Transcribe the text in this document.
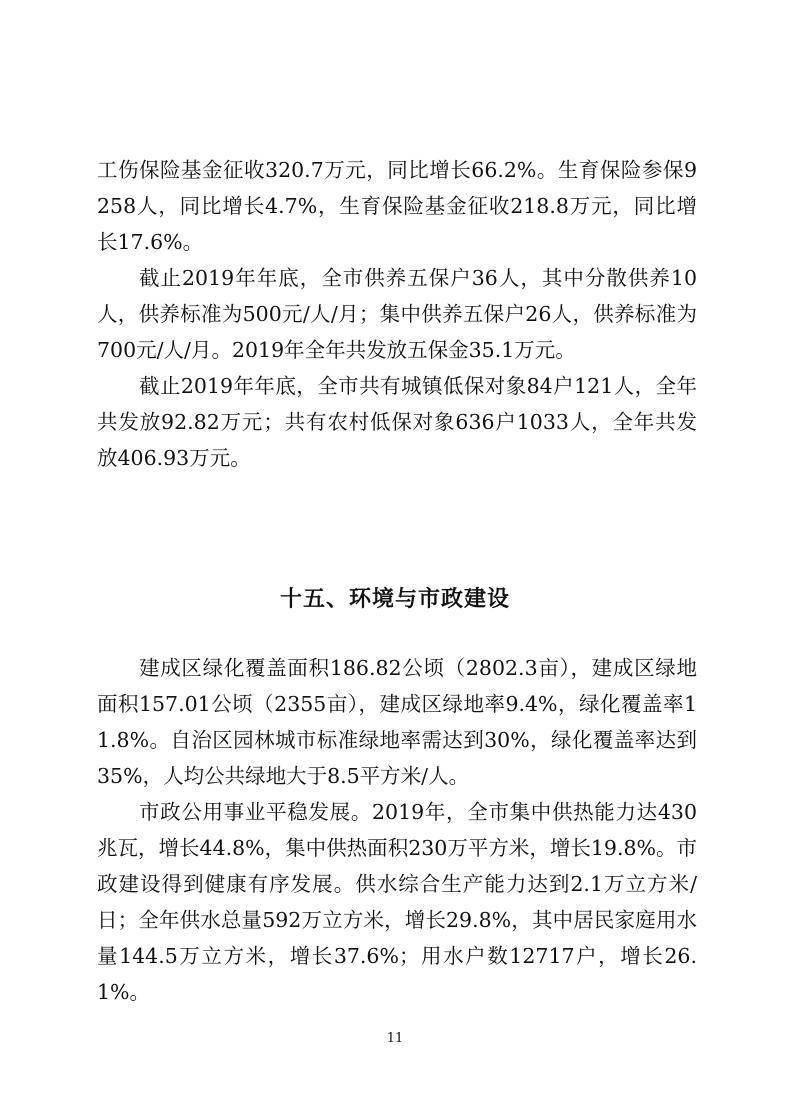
工伤保险基金征收320.7万元，同比增长66.2%。生育保险参保9258人，同比增长4.7%，生育保险基金征收218.8万元，同比增长17.6%。

截止2019年年底，全市供养五保户36人，其中分散供养10人，供养标准为500元/人/月；集中供养五保户26人，供养标准为700元/人/月。2019年全年共发放五保金35.1万元。

截止2019年年底，全市共有城镇低保对象84户121人，全年共发放92.82万元；共有农村低保对象636户1033人，全年共发放406.93万元。

十五、环境与市政建设

建成区绿化覆盖面积186.82公顷（2802.3亩），建成区绿地面积157.01公顷（2355亩），建成区绿地率9.4%，绿化覆盖率11.8%。自治区园林城市标准绿地率需达到30%，绿化覆盖率达到35%，人均公共绿地大于8.5平方米/人。

市政公用事业平稳发展。2019年，全市集中供热能力达430兆瓦，增长44.8%，集中供热面积230万平方米，增长19.8%。市政建设得到健康有序发展。供水综合生产能力达到2.1万立方米/日；全年供水总量592万立方米，增长29.8%，其中居民家庭用水量144.5万立方米，增长37.6%；用水户数12717户，增长26.1%。

11
